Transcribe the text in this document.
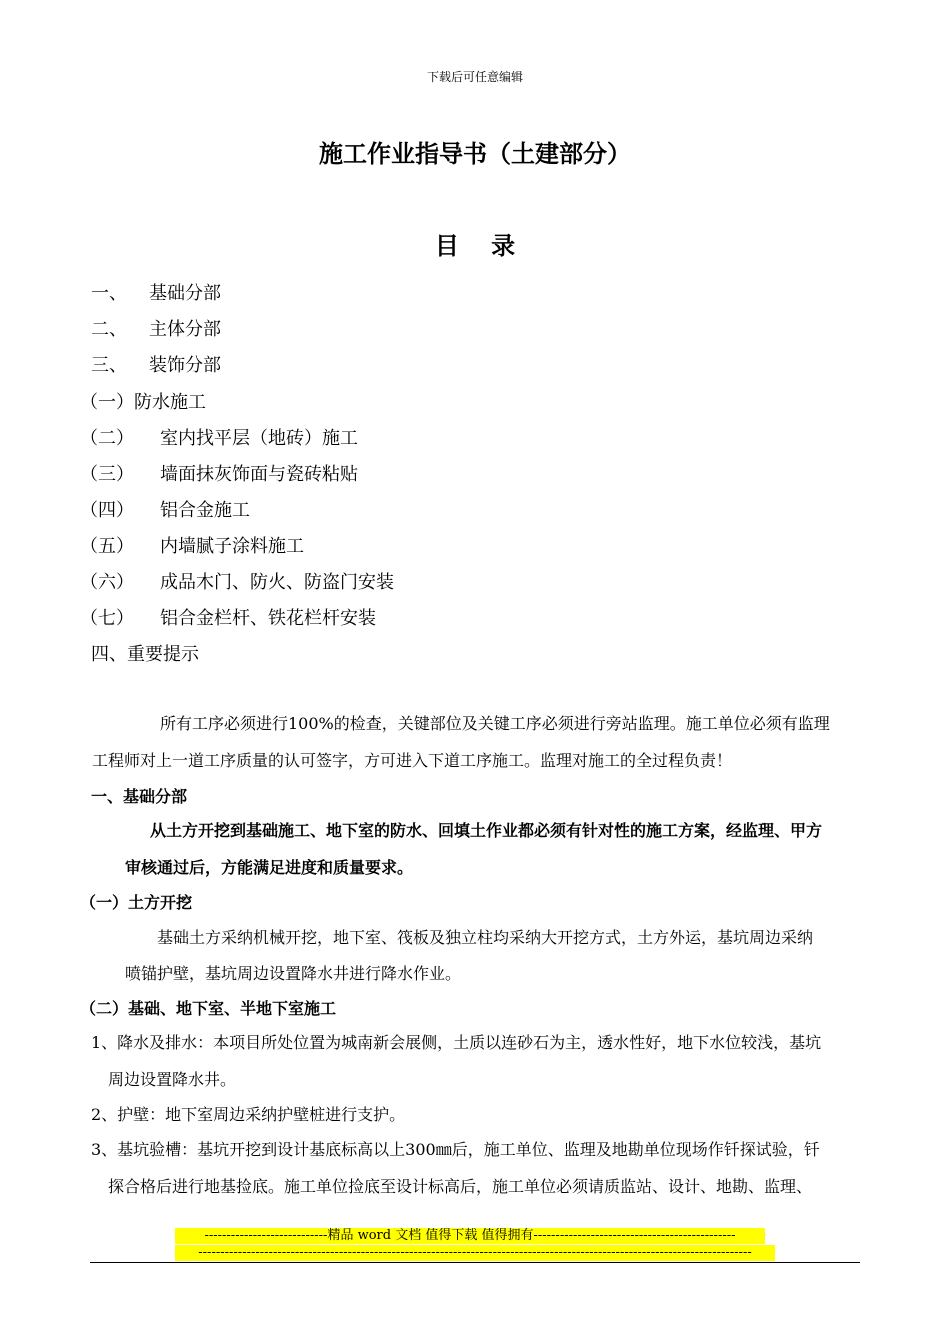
下载后可任意编辑
施工作业指导书（土建部分）
目 录
一、 基础分部
二、 主体分部
三、 装饰分部
（一）防水施工
（二） 室内找平层（地砖）施工
（三） 墙面抹灰饰面与瓷砖粘贴
（四） 铝合金施工
（五） 内墙腻子涂料施工
（六） 成品木门、防火、防盗门安装
（七） 铝合金栏杆、铁花栏杆安装
四、重要提示
所有工序必须进行100%的检查，关键部位及关键工序必须进行旁站监理。施工单位必须有监理
工程师对上一道工序质量的认可签字，方可进入下道工序施工。监理对施工的全过程负责！
一、基础分部
从土方开挖到基础施工、地下室的防水、回填土作业都必须有针对性的施工方案，经监理、甲方
审核通过后，方能满足进度和质量要求。
（一）土方开挖
基础土方采纳机械开挖，地下室、筏板及独立柱均采纳大开挖方式，土方外运，基坑周边采纳
喷锚护壁，基坑周边设置降水井进行降水作业。
（二）基础、地下室、半地下室施工
1、降水及排水：本项目所处位置为城南新会展侧，土质以连砂石为主，透水性好，地下水位较浅，基坑
周边设置降水井。
2、护壁：地下室周边采纳护壁桩进行支护。
3、基坑验槽：基坑开挖到设计基底标高以上300㎜后，施工单位、监理及地勘单位现场作钎探试验，钎
探合格后进行地基捡底。施工单位捡底至设计标高后，施工单位必须请质监站、设计、地勘、监理、
----------------------------精品 word 文档 值得下载 值得拥有----------------------------------------------
------------------------------------------------------------------------------------------------------------------------------
